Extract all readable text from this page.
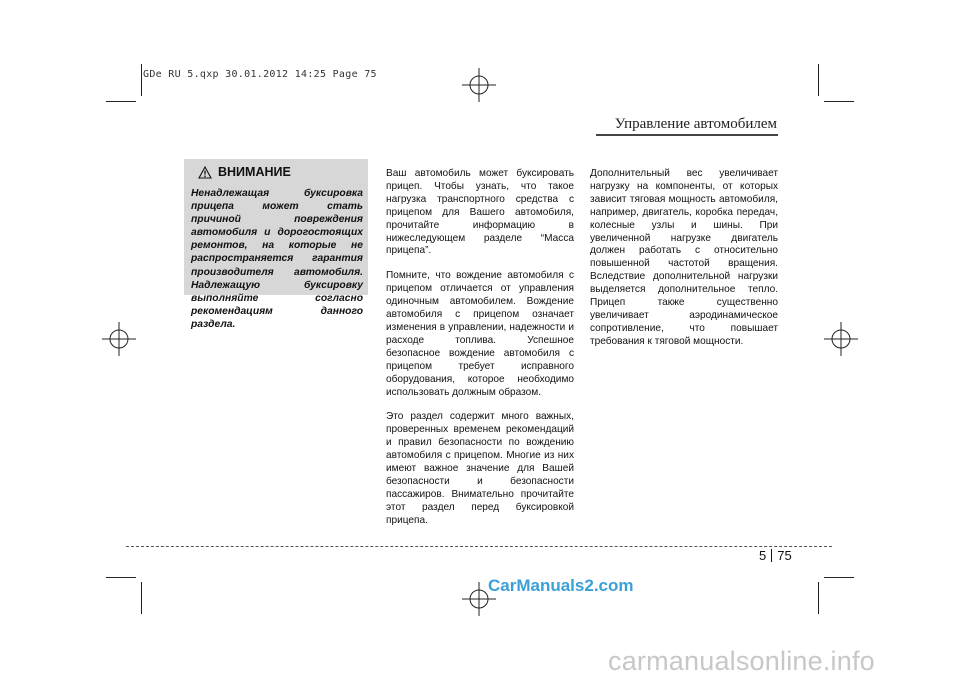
GDe RU 5.qxp 30.01.2012 14:25 Page 75
Управление автомобилем
ВНИМАНИЕ
Ненадлежащая буксировка прицепа может стать причиной повреждения автомобиля и дорогостоящих ремонтов, на которые не распространяется гарантия производителя автомобиля. Надлежащую буксировку выполняйте согласно рекомендациям данного раздела.

Ваш автомобиль может буксировать прицеп. Чтобы узнать, что такое нагрузка транспортного средства с прицепом для Вашего автомобиля, прочитайте информацию в нижеследующем разделе “Масса прицепа”.

Помните, что вождение автомобиля с прицепом отличается от управления одиночным автомобилем. Вождение автомобиля с прицепом означает изменения в управлении, надежности и расходе топлива. Успешное безопасное вождение автомобиля с прицепом требует исправного оборудования, которое необходимо использовать должным образом.

Это раздел содержит много важных, проверенных временем рекомендаций и правил безопасности по вождению автомобиля с прицепом. Многие из них имеют важное значение для Вашей безопасности и безопасности пассажиров. Внимательно прочитайте этот раздел перед буксировкой прицепа.

Дополнительный вес увеличивает нагрузку на компоненты, от которых зависит тяговая мощность автомобиля, например, двигатель, коробка передач, колесные узлы и шины. При увеличенной нагрузке двигатель должен работать с относительно повышенной частотой вращения. Вследствие дополнительной нагрузки выделяется дополнительное тепло. Прицеп также существенно увеличивает аэродинамическое сопротивление, что повышает требования к тяговой мощности.

5 75
CarManuals2.com
carmanualsonline.info
